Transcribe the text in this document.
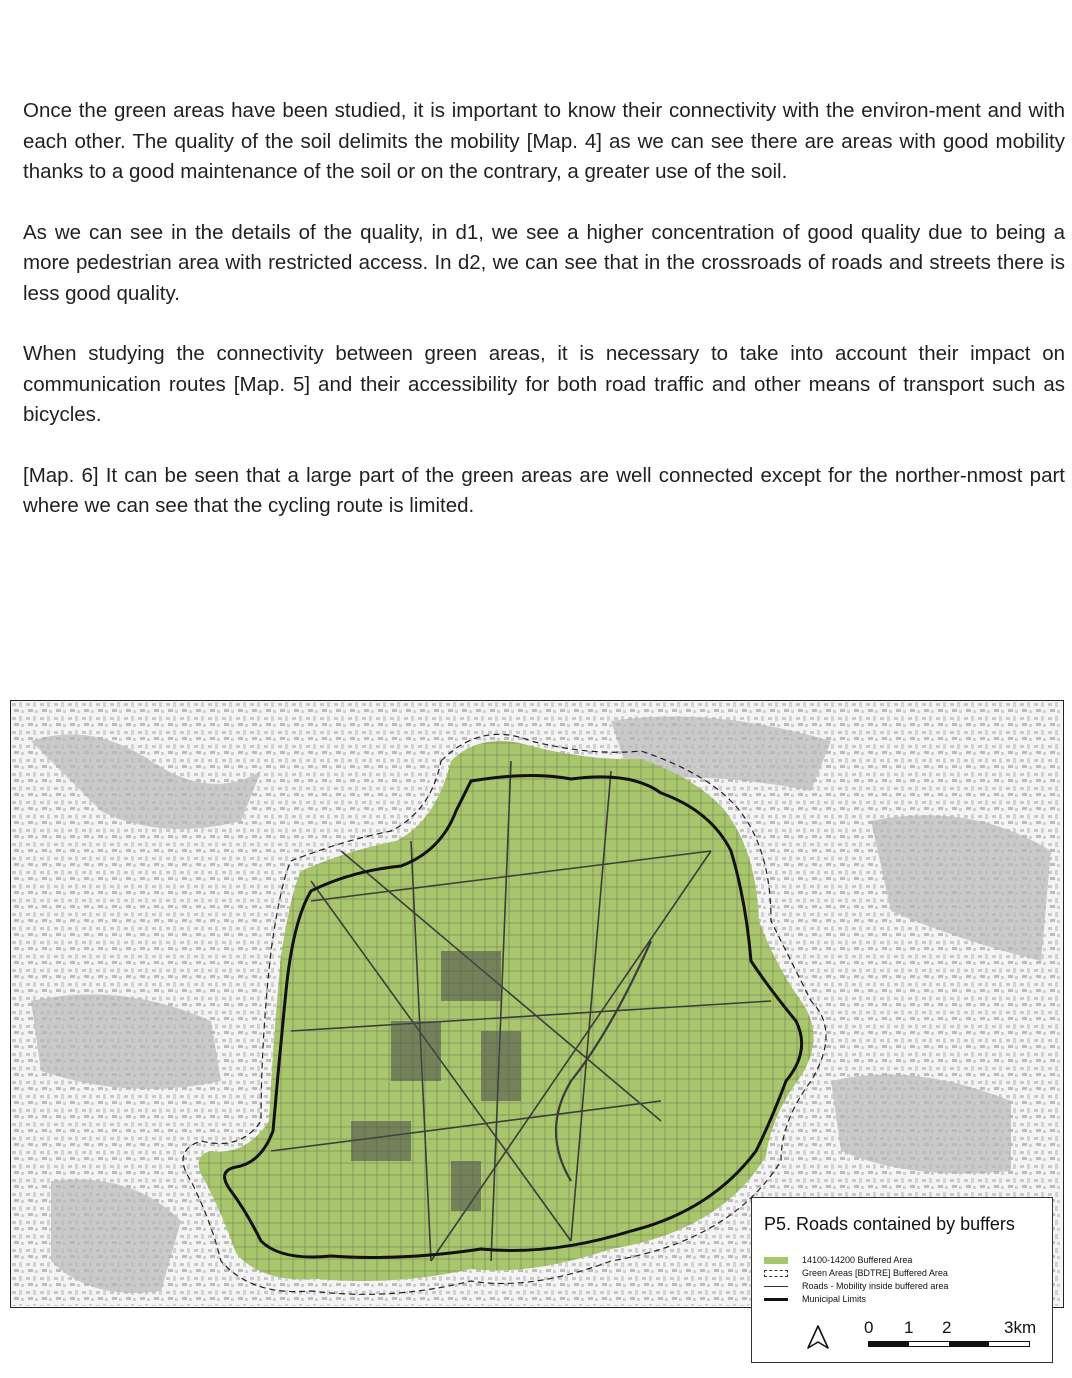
Once the green areas have been studied, it is important to know their connectivity with the environ-ment and with each other. The quality of the soil delimits the mobility [Map. 4] as we can see there are areas with good mobility thanks to a good maintenance of the soil or on the contrary, a greater use of the soil.

As we can see in the details of the quality, in d1, we see a higher concentration of good quality due to being a more pedestrian area with restricted access. In d2, we can see that in the crossroads of roads and streets there is less good quality.

When studying the connectivity between green areas, it is necessary to take into account their impact on communication routes [Map. 5] and their accessibility for both road traffic and other means of transport such as bicycles.

[Map. 6] It can be seen that a large part of the green areas are well connected except for the norther-nmost part where we can see that the cycling route is limited.

P5. Roads contained by buffers
14100-14200 Buffered Area
Green Areas [BDTRE] Buffered Area
Roads - Mobility inside buffered area
Municipal Limits
0 1 2	3km
